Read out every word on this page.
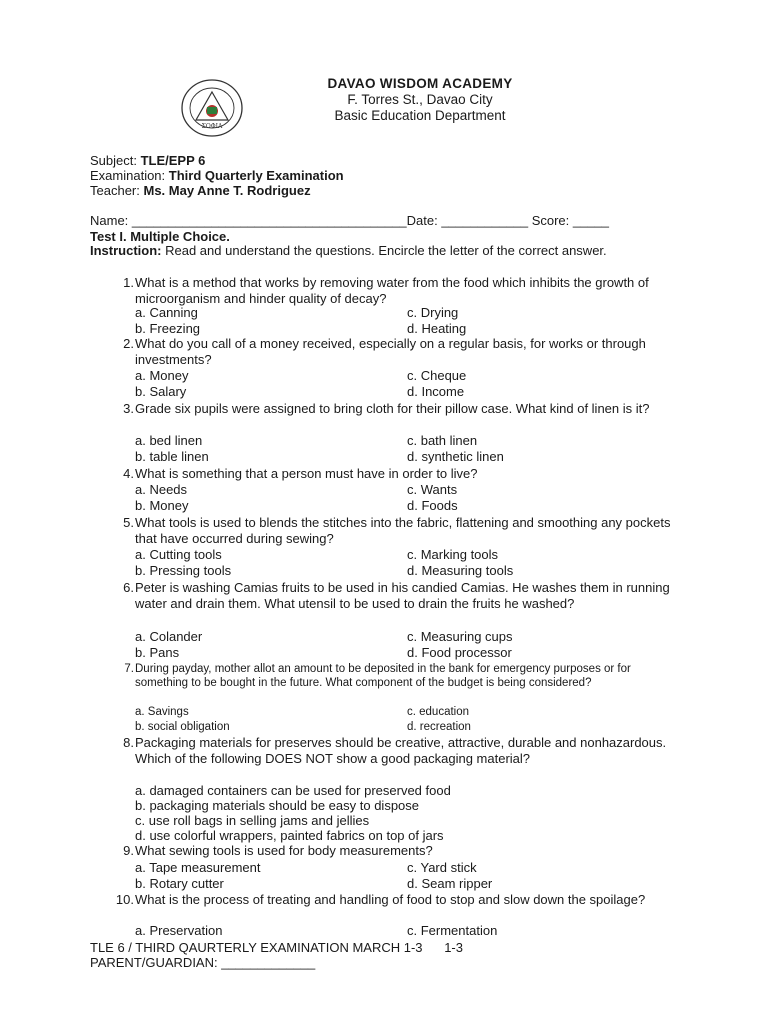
ΣΟΦΙΑ
DAVAO WISDOM ACADEMY
F. Torres St., Davao City
Basic Education Department
Subject: TLE/EPP 6
Examination: Third Quarterly Examination
Teacher: Ms. May Anne T. Rodriguez
Name: ______________________________________Date: ____________ Score: _____
Test I. Multiple Choice.
Instruction: Read and understand the questions. Encircle the letter of the correct answer.
1. What is a method that works by removing water from the food which inhibits the growth of microorganism and hinder quality of decay?
a. Canning	c. Drying
b. Freezing	d. Heating
2. What do you call of a money received, especially on a regular basis, for works or through investments?
a. Money	c. Cheque
b. Salary	d. Income
3. Grade six pupils were assigned to bring cloth for their pillow case. What kind of linen is it?
a. bed linen	c. bath linen
b. table linen	d. synthetic linen
4. What is something that a person must have in order to live?
a. Needs	c. Wants
b. Money	d. Foods
5. What tools is used to blends the stitches into the fabric, flattening and smoothing any pockets that have occurred during sewing?
a. Cutting tools	c. Marking tools
b. Pressing tools	d. Measuring tools
6. Peter is washing Camias fruits to be used in his candied Camias. He washes them in running water and drain them. What utensil to be used to drain the fruits he washed?
a. Colander	c. Measuring cups
b. Pans	d. Food processor
7. During payday, mother allot an amount to be deposited in the bank for emergency purposes or for something to be bought in the future. What component of the budget is being considered?
a. Savings	c. education
b. social obligation	d. recreation
8. Packaging materials for preserves should be creative, attractive, durable and nonhazardous. Which of the following DOES NOT show a good packaging material?
a. damaged containers can be used for preserved food
b. packaging materials should be easy to dispose
c. use roll bags in selling jams and jellies
d. use colorful wrappers, painted fabrics on top of jars
9. What sewing tools is used for body measurements?
a. Tape measurement	c. Yard stick
b. Rotary cutter	d. Seam ripper
10. What is the process of treating and handling of food to stop and slow down the spoilage?
a. Preservation	c. Fermentation
TLE 6 / THIRD QAURTERLY EXAMINATION MARCH 1-3      1-3
PARENT/GUARDIAN: _____________
